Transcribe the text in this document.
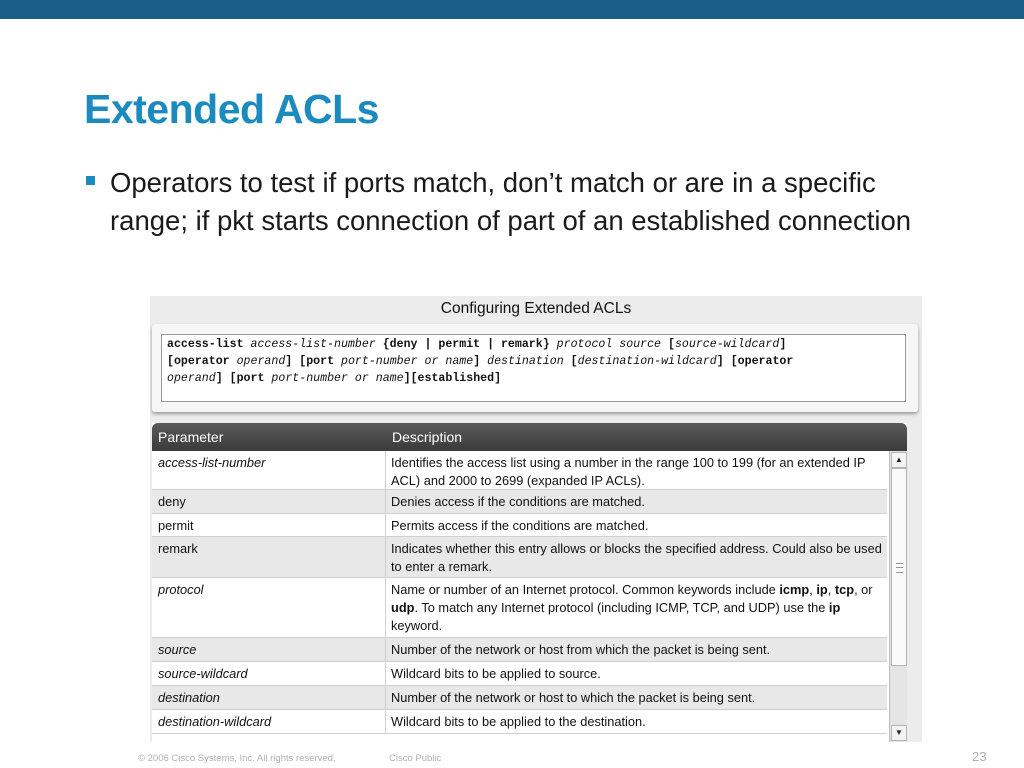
Extended ACLs

Operators to test if ports match, don’t match or are in a specific range; if pkt starts connection of part of an established connection

Configuring Extended ACLs
access-list access-list-number {deny | permit | remark} protocol source [source-wildcard]
[operator operand] [port port-number or name] destination [destination-wildcard] [operator
operand] [port port-number or name][established]
Parameter	Description
access-list-number	Identifies the access list using a number in the range 100 to 199 (for an extended IP ACL) and 2000 to 2699 (expanded IP ACLs).
deny	Denies access if the conditions are matched.
permit	Permits access if the conditions are matched.
remark	Indicates whether this entry allows or blocks the specified address. Could also be used to enter a remark.
protocol	Name or number of an Internet protocol. Common keywords include icmp, ip, tcp, or udp. To match any Internet protocol (including ICMP, TCP, and UDP) use the ip keyword.
source	Number of the network or host from which the packet is being sent.
source-wildcard	Wildcard bits to be applied to source.
destination	Number of the network or host to which the packet is being sent.
destination-wildcard	Wildcard bits to be applied to the destination.
▲
▼
© 2006 Cisco Systems, Inc. All rights reserved.	Cisco Public	23
